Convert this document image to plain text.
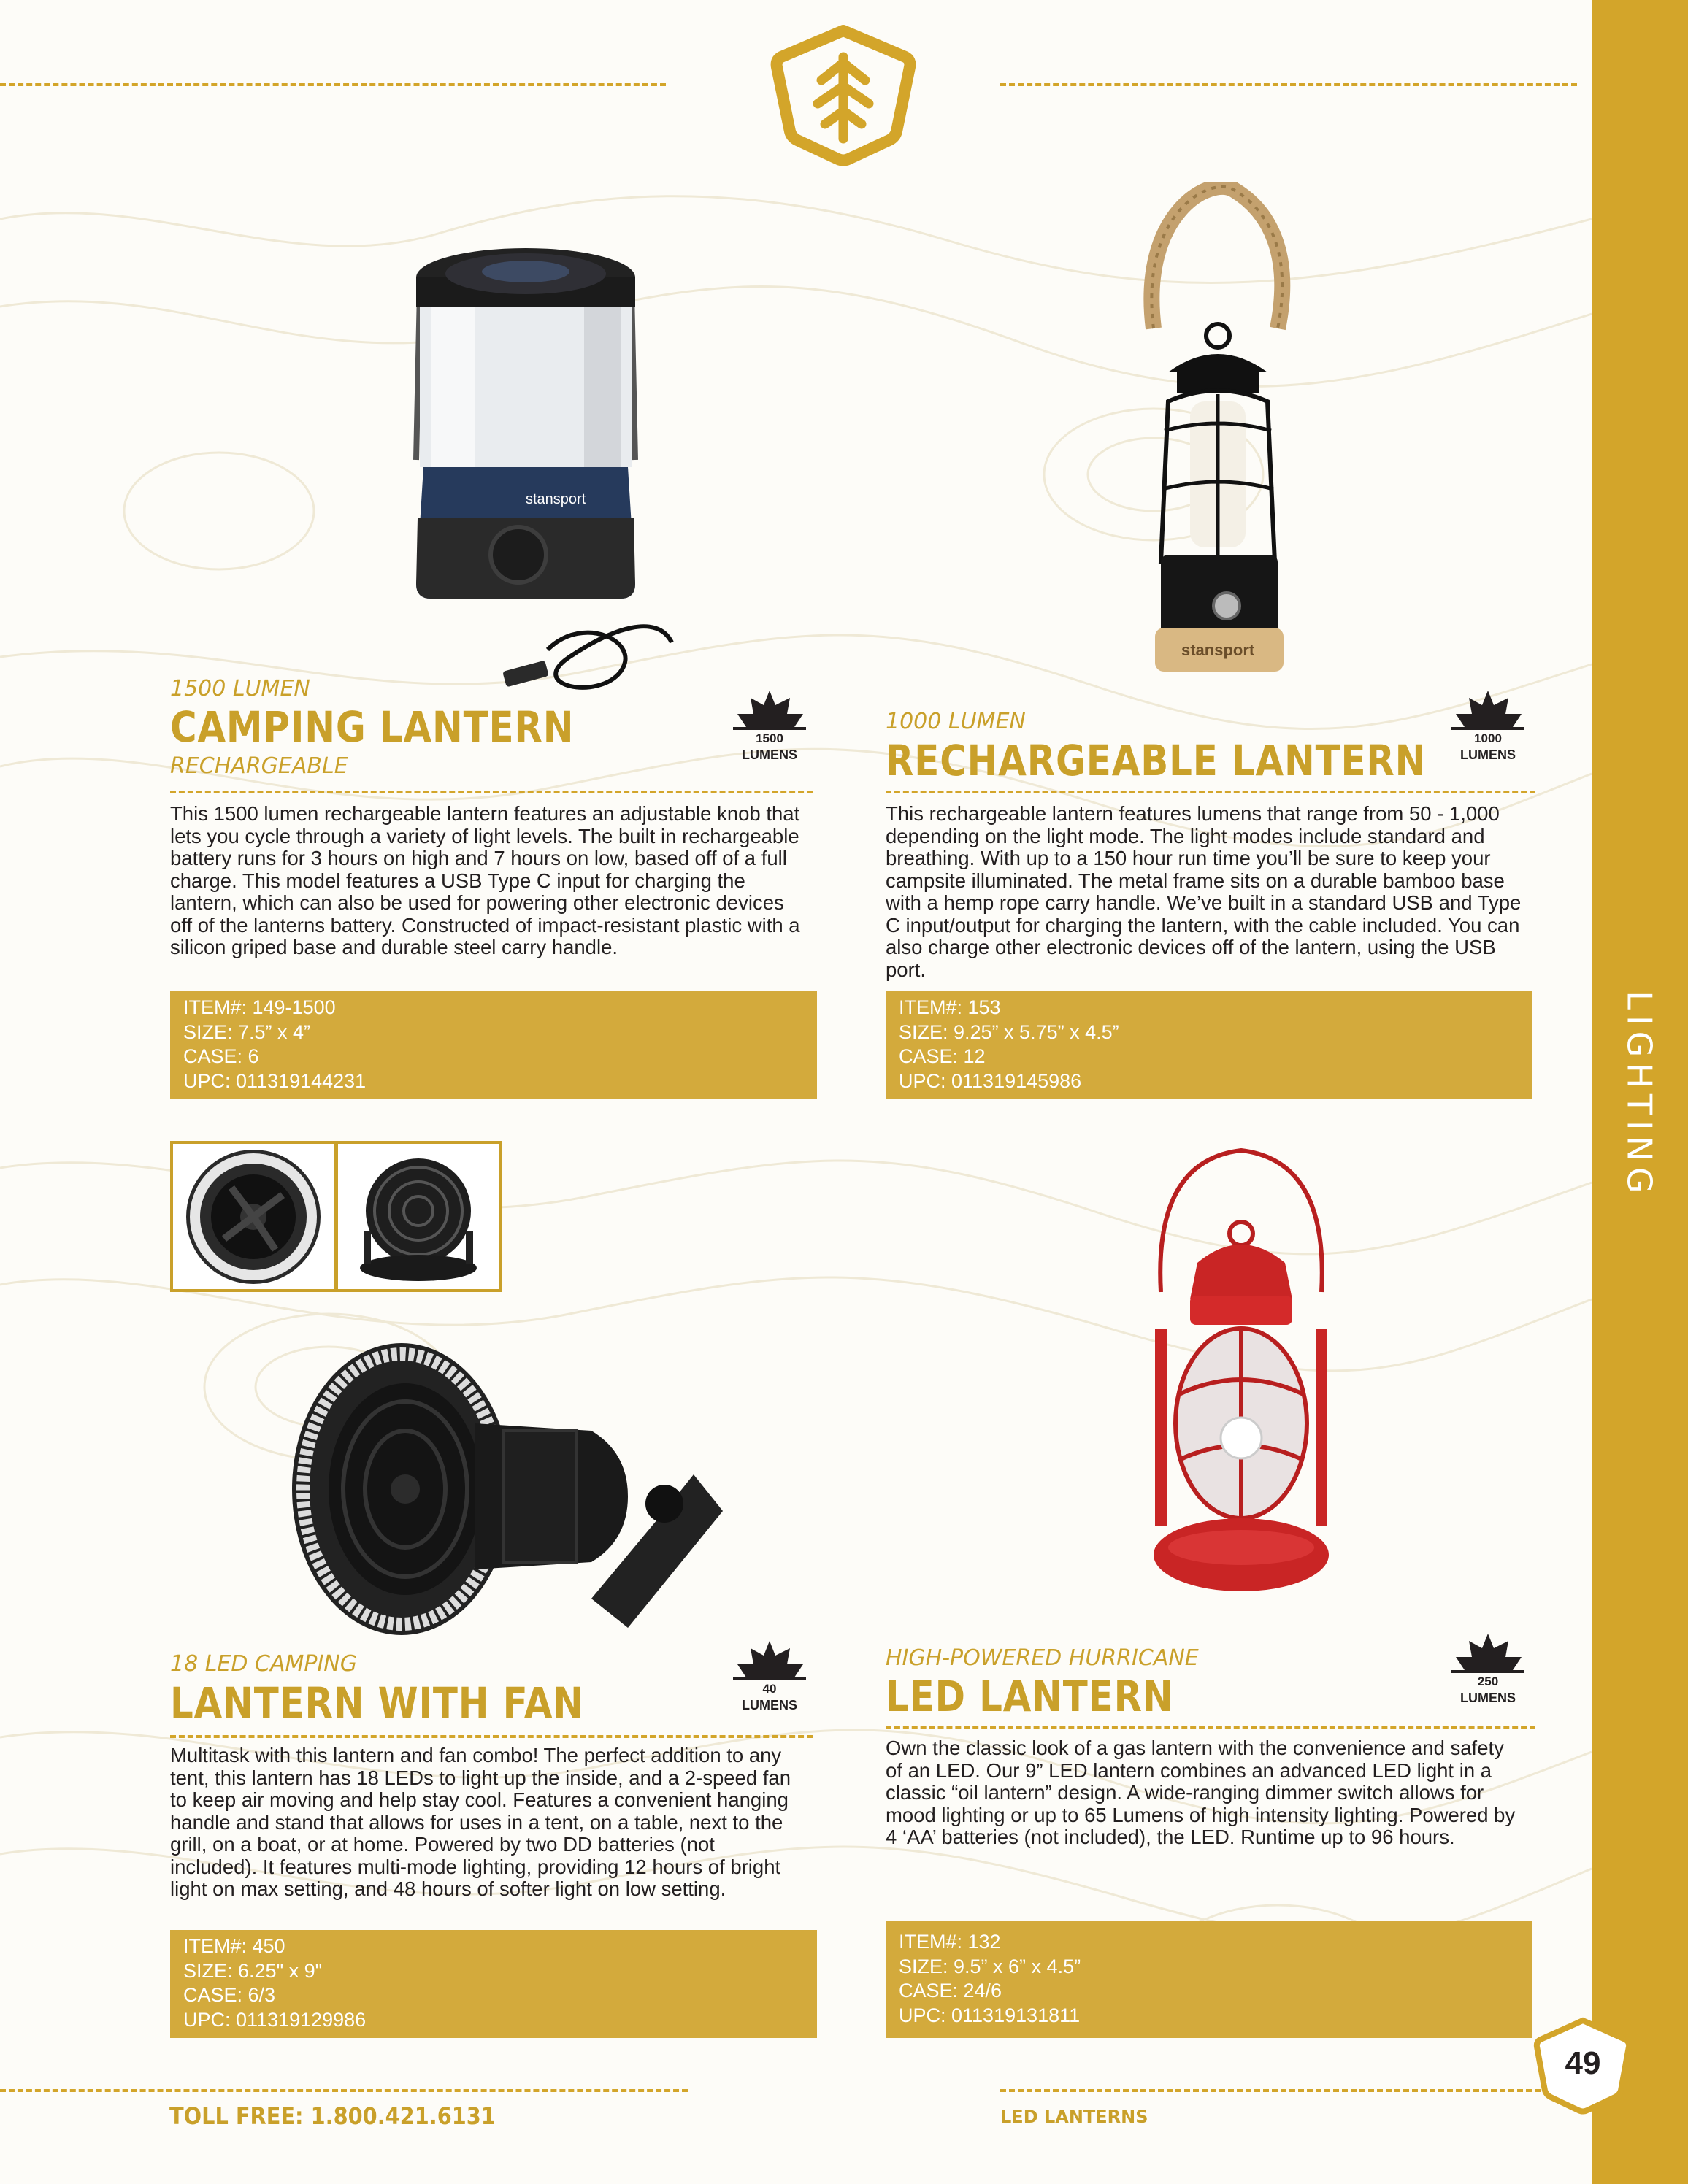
LIGHTING
stansport
1500 LUMEN
CAMPING LANTERN
RECHARGEABLE
1500
LUMENS
This 1500 lumen rechargeable lantern features an adjustable knob that lets you cycle through a variety of light levels. The built in rechargeable battery runs for 3 hours on high and 7 hours on low, based off of a full charge. This model features a USB Type C input for charging the lantern, which can also be used for powering other electronic devices off of the lanterns battery. Constructed of impact-resistant plastic with a silicon griped base and durable steel carry handle.
ITEM#: 149-1500
SIZE: 7.5” x 4”
CASE: 6
UPC: 011319144231
stansport
1000 LUMEN
RECHARGEABLE LANTERN	1000
LUMENS
This rechargeable lantern features lumens that range from 50 - 1,000 depending on the light mode. The light modes include standard and breathing. With up to a 150 hour run time you’ll be sure to keep your campsite illuminated. The metal frame sits on a durable bamboo base with a hemp rope carry handle. We’ve built in a standard USB and Type C input/output for charging the lantern, with the cable included. You can also charge other electronic devices off of the lantern, using the USB port.
ITEM#: 153
SIZE: 9.25” x 5.75” x 4.5”
CASE: 12
UPC: 011319145986
18 LED CAMPING
LANTERN WITH FAN	40
LUMENS
Multitask with this lantern and fan combo! The perfect addition to any tent, this lantern has 18 LEDs to light up the inside, and a 2-speed fan to keep air moving and help stay cool. Features a convenient hanging handle and stand that allows for uses in a tent, on a table, next to the grill, on a boat, or at home. Powered by two DD batteries (not included). It features multi-mode lighting, providing 12 hours of bright light on max setting, and 48 hours of softer light on low setting.
ITEM#: 450
SIZE: 6.25" x 9"
CASE: 6/3
UPC: 011319129986
HIGH-POWERED HURRICANE
LED LANTERN	250
LUMENS
Own the classic look of a gas lantern with the convenience and safety of an LED. Our 9” LED lantern combines an advanced LED light in a classic “oil lantern” design. A wide-ranging dimmer switch allows for mood lighting or up to 65 Lumens of high intensity lighting. Powered by 4 ‘AA’ batteries (not included), the LED. Runtime up to 96 hours.
ITEM#: 132
SIZE: 9.5” x 6” x 4.5”
CASE: 24/6
UPC: 011319131811
TOLL FREE: 1.800.421.6131	LED LANTERNS
49
